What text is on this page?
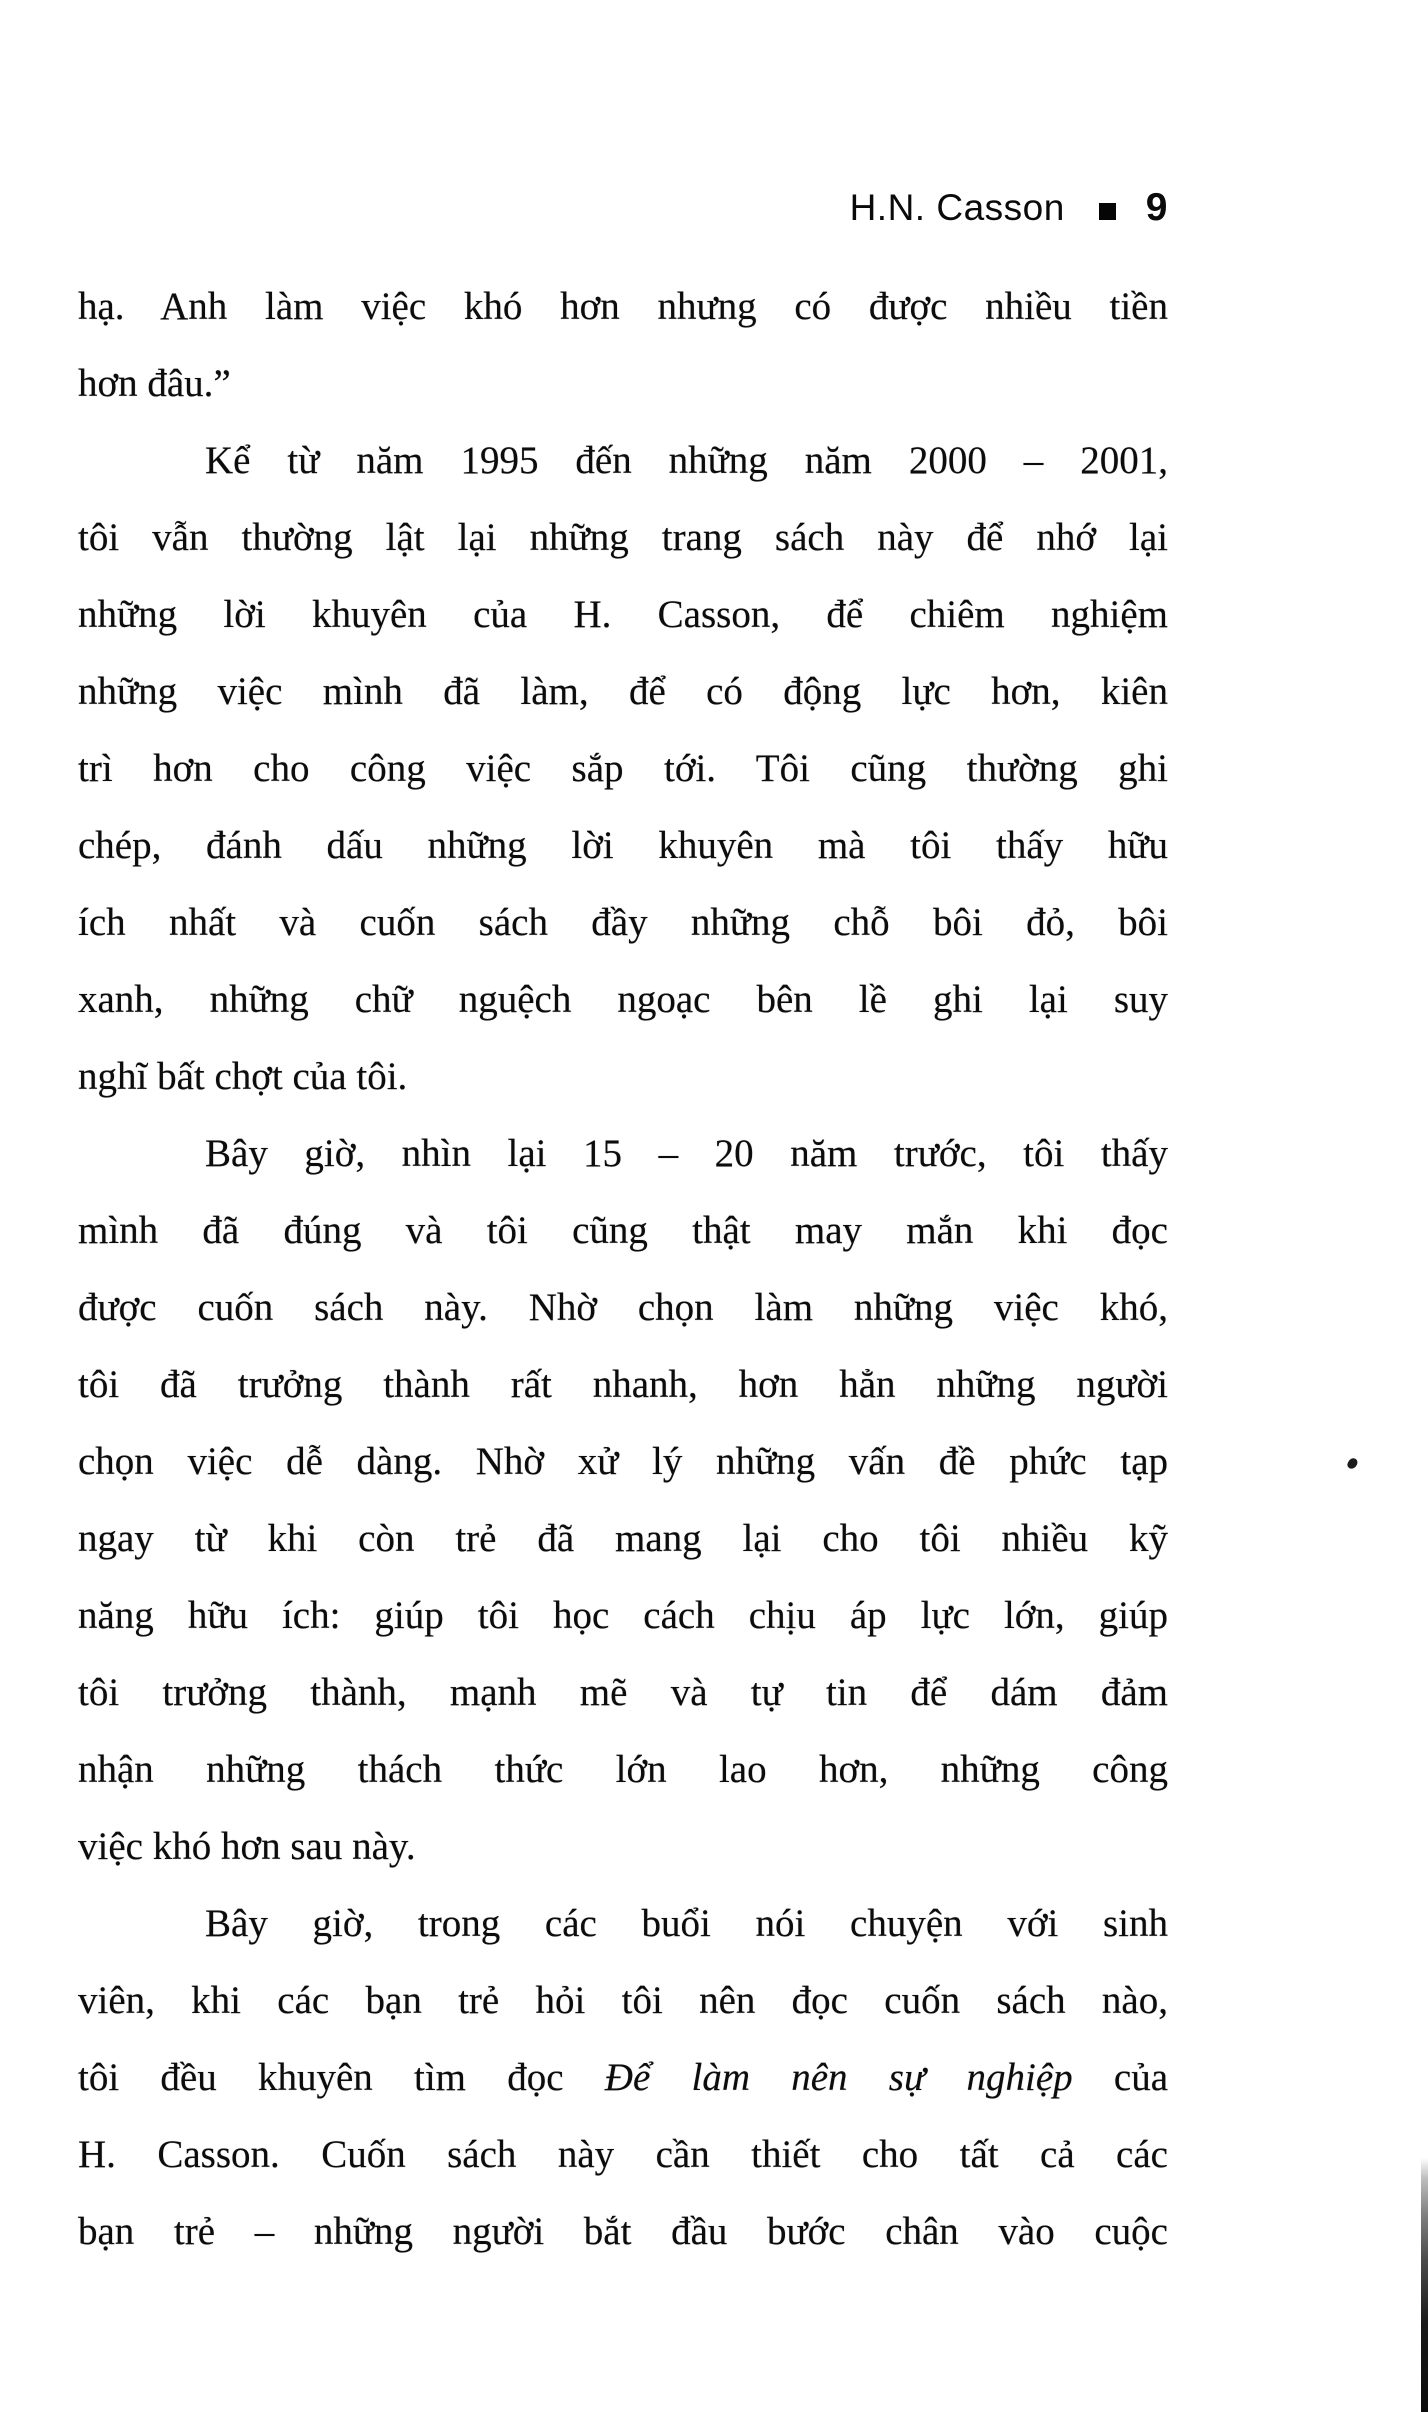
H.N. Casson 9
hạ. Anh làm việc khó hơn nhưng có được nhiều tiền
hơn đâu.”
Kể từ năm 1995 đến những năm 2000 – 2001,
tôi vẫn thường lật lại những trang sách này để nhớ lại
những lời khuyên của H. Casson, để chiêm nghiệm
những việc mình đã làm, để có động lực hơn, kiên
trì hơn cho công việc sắp tới. Tôi cũng thường ghi
chép, đánh dấu những lời khuyên mà tôi thấy hữu
ích nhất và cuốn sách đầy những chỗ bôi đỏ, bôi
xanh, những chữ nguệch ngoạc bên lề ghi lại suy
nghĩ bất chợt của tôi.
Bây giờ, nhìn lại 15 – 20 năm trước, tôi thấy
mình đã đúng và tôi cũng thật may mắn khi đọc
được cuốn sách này. Nhờ chọn làm những việc khó,
tôi đã trưởng thành rất nhanh, hơn hẳn những người
chọn việc dễ dàng. Nhờ xử lý những vấn đề phức tạp
ngay từ khi còn trẻ đã mang lại cho tôi nhiều kỹ
năng hữu ích: giúp tôi học cách chịu áp lực lớn, giúp
tôi trưởng thành, mạnh mẽ và tự tin để dám đảm
nhận những thách thức lớn lao hơn, những công
việc khó hơn sau này.
Bây giờ, trong các buổi nói chuyện với sinh
viên, khi các bạn trẻ hỏi tôi nên đọc cuốn sách nào,
tôi đều khuyên tìm đọc Để làm nên sự nghiệp của
H. Casson. Cuốn sách này cần thiết cho tất cả các
bạn trẻ – những người bắt đầu bước chân vào cuộc
